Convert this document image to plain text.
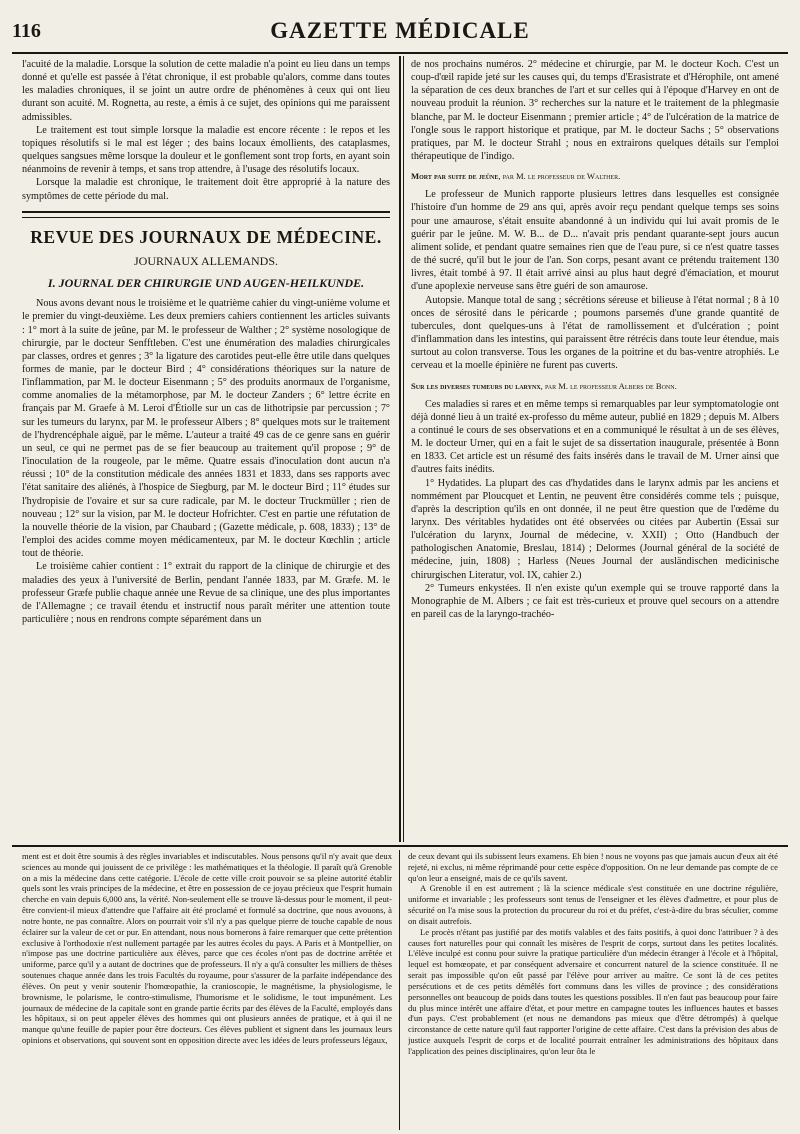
116	GAZETTE MÉDICALE

l'acuité de la maladie. Lorsque la solution de cette maladie n'a point eu lieu dans un temps donné et qu'elle est passée à l'état chronique, il est probable qu'alors, comme dans toutes les maladies chroniques, il se joint un autre ordre de phénomènes à ceux qui ont lieu durant son acuité. M. Rognetta, au reste, a émis à ce sujet, des opinions qui me paraissent admissibles.

Le traitement est tout simple lorsque la maladie est encore récente : le repos et les topiques résolutifs si le mal est léger ; des bains locaux émollients, des cataplasmes, quelques sangsues même lorsque la douleur et le gonflement sont trop forts, en ayant soin néanmoins de revenir à temps, et sans trop attendre, à l'usage des résolutifs locaux.

Lorsque la maladie est chronique, le traitement doit être approprié à la nature des symptômes de cette période du mal.

REVUE DES JOURNAUX DE MÉDECINE.
JOURNAUX ALLEMANDS.
I. JOURNAL DER CHIRURGIE UND AUGEN-HEILKUNDE.

Nous avons devant nous le troisième et le quatrième cahier du vingt-unième volume et le premier du vingt-deuxième. Les deux premiers cahiers contiennent les articles suivants : 1° mort à la suite de jeûne, par M. le professeur de Walther ; 2° système nosologique de chirurgie, par le docteur Senfftleben. C'est une énumération des maladies chirurgicales par classes, ordres et genres ; 3° la ligature des carotides peut-elle être utile dans quelques formes de manie, par le docteur Bird ; 4° considérations théoriques sur la nature de l'inflammation, par M. le docteur Eisenmann ; 5° des produits anormaux de l'organisme, comme anomalies de la métamorphose, par M. le docteur Zanders ; 6° lettre écrite en français par M. Graefe à M. Leroi d'Étiolle sur un cas de lithotripsie par percussion ; 7° sur les tumeurs du larynx, par M. le professeur Albers ; 8° quelques mots sur le traitement de l'hydrencéphale aiguë, par le même. L'auteur a traité 49 cas de ce genre sans en guérir un seul, ce qui ne permet pas de se fier beaucoup au traitement qu'il propose ; 9° de l'inoculation de la rougeole, par le même. Quatre essais d'inoculation dont aucun n'a réussi ; 10° de la constitution médicale des années 1831 et 1833, dans ses rapports avec l'état sanitaire des aliénés, à l'hospice de Siegburg, par M. le docteur Bird ; 11° études sur l'hydropisie de l'ovaire et sur sa cure radicale, par M. le docteur Truckmüller ; rien de nouveau ; 12° sur la vision, par M. le docteur Hofrichter. C'est en partie une réfutation de la nouvelle théorie de la vision, par Chaubard ; (Gazette médicale, p. 608, 1833) ; 13° de l'emploi des acides comme moyen médicamenteux, par M. le docteur Kœchlin ; article tout de théorie.

Le troisième cahier contient : 1° extrait du rapport de la clinique de chirurgie et des maladies des yeux à l'université de Berlin, pendant l'année 1833, par M. Græfe. M. le professeur Græfe publie chaque année une Revue de sa clinique, une des plus importantes de l'Allemagne ; ce travail étendu et instructif nous paraît mériter une attention toute particulière ; nous en rendrons compte séparément dans un

de nos prochains numéros. 2° médecine et chirurgie, par M. le docteur Koch. C'est un coup-d'œil rapide jeté sur les causes qui, du temps d'Erasistrate et d'Hérophile, ont amené la séparation de ces deux branches de l'art et sur celles qui à l'époque d'Harvey en ont de nouveau produit la réunion. 3° recherches sur la nature et le traitement de la phlegmasie blanche, par M. le docteur Eisenmann ; premier article ; 4° de l'ulcération de la matrice de l'ongle sous le rapport historique et pratique, par M. le docteur Sachs ; 5° observations pratiques, par M. le docteur Strahl ; nous en extrairons quelques détails sur l'emploi thérapeutique de l'indigo.

Mort par suite de jeûne, par M. le professeur de Walther.

Le professeur de Munich rapporte plusieurs lettres dans lesquelles est consignée l'histoire d'un homme de 29 ans qui, après avoir reçu pendant quelque temps ses soins pour une amaurose, s'était ensuite abandonné à un individu qui lui avait promis de le guérir par le jeûne. M. W. B... de D... n'avait pris pendant quarante-sept jours aucun aliment solide, et pendant quatre semaines rien que de l'eau pure, si ce n'est quatre tasses de thé sucré, qu'il but le jour de l'an. Son corps, pesant avant ce prétendu traitement 130 livres, était tombé à 97. Il était arrivé ainsi au plus haut degré d'émaciation, et mourut d'une apoplexie nerveuse sans être guéri de son amaurose.

Autopsie. Manque total de sang ; sécrétions séreuse et bilieuse à l'état normal ; 8 à 10 onces de sérosité dans le péricarde ; poumons parsemés d'une grande quantité de tubercules, dont quelques-uns à l'état de ramollissement et d'ulcération ; point d'inflammation dans les intestins, qui paraissent être rétrécis dans toute leur étendue, mais surtout au colon transverse. Tous les organes de la poitrine et du bas-ventre atrophiés. Le cerveau et la moelle épinière ne furent pas cuverts.

Sur les diverses tumeurs du larynx, par M. le professeur Albers de Bonn.

Ces maladies si rares et en même temps si remarquables par leur symptomatologie ont déjà donné lieu à un traité ex-professo du même auteur, publié en 1829 ; depuis M. Albers a continué le cours de ses observations et en a communiqué le résultat à un de ses élèves, M. le docteur Urner, qui en a fait le sujet de sa dissertation inaugurale, présentée à Bonn en 1833. Cet article est un résumé des faits insérés dans le travail de M. Urner ainsi que d'autres faits inédits.

1° Hydatides. La plupart des cas d'hydatides dans le larynx admis par les anciens et nommément par Ploucquet et Lentin, ne peuvent être considérés comme tels ; puisque, d'après la description qu'ils en ont donnée, il ne peut être question que de l'œdème du larynx. Des véritables hydatides ont été observées ou citées par Aubertin (Essai sur l'ulcération du larynx, Journal de médecine, v. XXII) ; Otto (Handbuch der pathologischen Anatomie, Breslau, 1814) ; Delormes (Journal général de la société de médecine, juin, 1808) ; Harless (Neues Journal der ausländischen medicinische chirurgischen Literatur, vol. IX, cahier 2.)

2° Tumeurs enkystées. Il n'en existe qu'un exemple qui se trouve rapporté dans la Monographie de M. Albers ; ce fait est très-curieux et prouve quel secours on a attendre en pareil cas de la laryngo-trachéo-

ment est et doit être soumis à des règles invariables et indiscutables. Nous pensons qu'il n'y avait que deux sciences au monde qui jouissent de ce privilège : les mathématiques et la théologie. Il paraît qu'à Grenoble on a mis la médecine dans cette catégorie. L'école de cette ville croit pouvoir se sa pleine autorité établir quels sont les vrais principes de la médecine, et être en possession de ce joyau précieux que l'esprit humain cherche en vain depuis 6,000 ans, la vérité. Non-seulement elle se trouve là-dessus pour le moment, il peut-être convient-il mieux d'attendre que l'affaire ait été proclamé et formulé sa doctrine, que nous avouons, à notre honte, ne pas connaître. Alors on pourrait voir s'il n'y a pas quelque pierre de touche capable de nous éclairer sur la valeur de cet or pur. En attendant, nous nous bornerons à faire remarquer que cette prétention exclusive à l'orthodoxie n'est nullement partagée par les autres écoles du pays. A Paris et à Montpellier, on n'impose pas une doctrine particulière aux élèves, parce que ces écoles n'ont pas de doctrine arrêtée et uniforme, parce qu'il y a autant de doctrines que de professeurs. Il n'y a qu'à consulter les milliers de thèses soutenues chaque année dans les trois Facultés du royaume, pour s'assurer de la parfaite indépendance des élèves. On peut y venir soutenir l'homœopathie, la cranioscopie, le magnétisme, la physiologisme, le brownisme, le polarisme, le contro-stimulisme, l'humorisme et le solidisme, le tout impunément. Les journaux de médecine de la capitale sont en grande partie écrits par des élèves de la Faculté, employés dans les hôpitaux, si on peut appeler élèves des hommes qui ont plusieurs années de pratique, et à qui il ne manque qu'une feuille de papier pour être docteurs. Ces élèves publient et signent dans les journaux leurs opinions et observations, qui souvent sont en opposition directe avec les idées de leurs professeurs légaux,

de ceux devant qui ils subissent leurs examens. Eh bien ! nous ne voyons pas que jamais aucun d'eux ait été rejeté, ni exclus, ni même réprimandé pour cette espèce d'opposition. On ne leur demande pas compte de ce qu'on leur a enseigné, mais de ce qu'ils savent.

A Grenoble il en est autrement ; là la science médicale s'est constituée en une doctrine régulière, uniforme et invariable ; les professeurs sont tenus de l'enseigner et les élèves d'admettre, et pour plus de sécurité on l'a mise sous la protection du procureur du roi et du préfet, c'est-à-dire du bras séculier, comme on disait autrefois.

Le procès n'étant pas justifié par des motifs valables et des faits positifs, à quoi donc l'attribuer ? à des causes fort naturelles pour qui connaît les misères de l'esprit de corps, surtout dans les petites localités. L'élève inculpé est connu pour suivre la pratique particulière d'un médecin étranger à l'école et à l'hôpital, lequel est homœopate, et par conséquent adversaire et concurrent naturel de la science constituée. Il ne serait pas impossible qu'on eût passé par l'élève pour arriver au maître. Ce sont là de ces petites persécutions et de ces petits démêlés fort communs dans les villes de province ; des considérations personnelles ont beaucoup de poids dans toutes les questions possibles. Il n'en faut pas beaucoup pour faire du plus mince intérêt une affaire d'état, et pour mettre en campagne toutes les influences hautes et basses d'un pays. C'est probablement (et nous ne demandons pas mieux que d'être détrompés) à quelque circonstance de cette nature qu'il faut rapporter l'origine de cette affaire. C'est dans la prévision des abus de justice auxquels l'esprit de corps et de localité pourrait entraîner les administrations des hôpitaux dans l'application des peines disciplinaires, qu'on leur ôta le
